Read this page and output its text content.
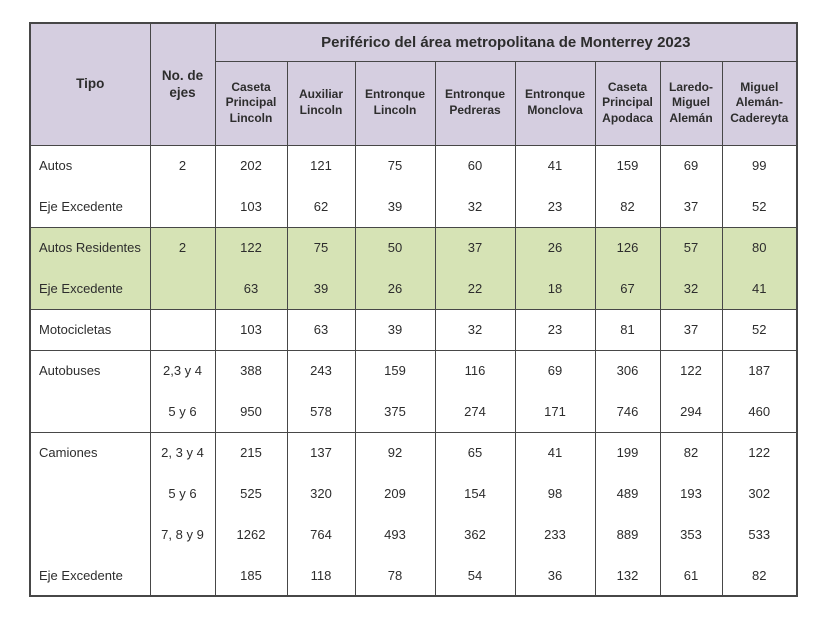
Tipo	No. de ejes	Periférico del área metropolitana de Monterrey 2023							
		Caseta Principal Lincoln	Auxiliar Lincoln	Entronque Lincoln	Entronque Pedreras	Entronque Monclova	Caseta Principal Apodaca	Laredo-Miguel Alemán	Miguel Alemán-Cadereyta
Autos	2	202	121	75	60	41	159	69	99
Eje Excedente		103	62	39	32	23	82	37	52
Autos Residentes	2	122	75	50	37	26	126	57	80
Eje Excedente		63	39	26	22	18	67	32	41
Motocicletas		103	63	39	32	23	81	37	52
Autobuses	2,3 y 4	388	243	159	116	69	306	122	187
	5 y 6	950	578	375	274	171	746	294	460
Camiones	2, 3 y 4	215	137	92	65	41	199	82	122
	5 y 6	525	320	209	154	98	489	193	302
	7, 8 y 9	1262	764	493	362	233	889	353	533
Eje Excedente		185	118	78	54	36	132	61	82
